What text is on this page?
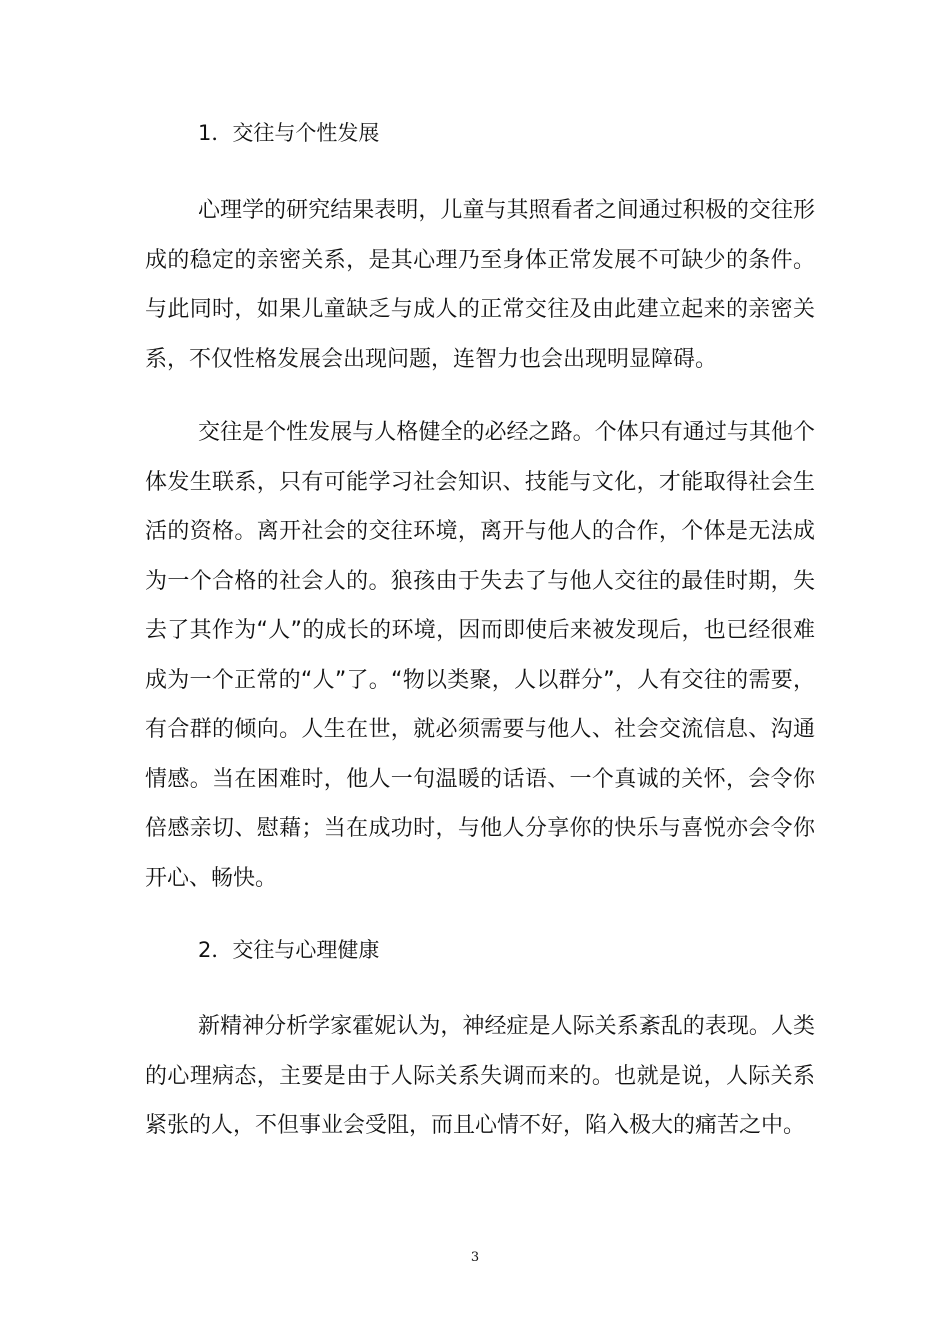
1．交往与个性发展

心理学的研究结果表明，儿童与其照看者之间通过积极的交往形成的稳定的亲密关系，是其心理乃至身体正常发展不可缺少的条件。与此同时，如果儿童缺乏与成人的正常交往及由此建立起来的亲密关系，不仅性格发展会出现问题，连智力也会出现明显障碍。

交往是个性发展与人格健全的必经之路。个体只有通过与其他个体发生联系，只有可能学习社会知识、技能与文化，才能取得社会生活的资格。离开社会的交往环境，离开与他人的合作，个体是无法成为一个合格的社会人的。狼孩由于失去了与他人交往的最佳时期，失去了其作为“人”的成长的环境，因而即使后来被发现后，也已经很难成为一个正常的“人”了。“物以类聚，人以群分”，人有交往的需要，有合群的倾向。人生在世，就必须需要与他人、社会交流信息、沟通情感。当在困难时，他人一句温暖的话语、一个真诚的关怀，会令你倍感亲切、慰藉；当在成功时，与他人分享你的快乐与喜悦亦会令你开心、畅快。

2．交往与心理健康

新精神分析学家霍妮认为，神经症是人际关系紊乱的表现。人类的心理病态，主要是由于人际关系失调而来的。也就是说，人际关系紧张的人，不但事业会受阻，而且心情不好，陷入极大的痛苦之中。

3
